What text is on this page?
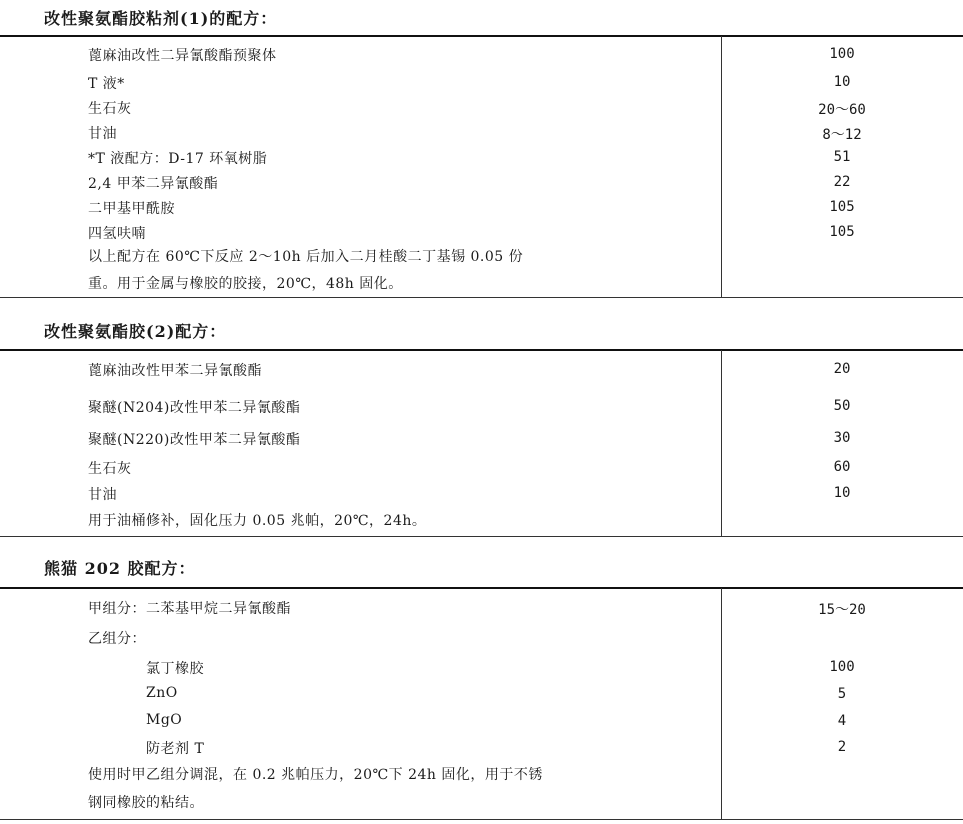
改性聚氨酯胶粘剂(1)的配方：
蓖麻油改性二异氰酸酯预聚体	100
T 液*	10
生石灰	20～60
甘油	8～12
*T 液配方：D-17 环氧树脂	51
2,4 甲苯二异氰酸酯	22
二甲基甲酰胺	105
四氢呋喃	105
以上配方在 60℃下反应 2～10h 后加入二月桂酸二丁基锡 0.05 份
重。用于金属与橡胶的胶接，20℃，48h 固化。
改性聚氨酯胶(2)配方：
蓖麻油改性甲苯二异氰酸酯	20
聚醚(N204)改性甲苯二异氰酸酯	50
聚醚(N220)改性甲苯二异氰酸酯	30
生石灰	60
甘油	10
用于油桶修补，固化压力 0.05 兆帕，20℃，24h。
熊猫 202 胶配方：
甲组分：二苯基甲烷二异氰酸酯	15～20
乙组分：
氯丁橡胶	100
ZnO	5
MgO	4
防老剂 T	2
使用时甲乙组分调混，在 0.2 兆帕压力，20℃下 24h 固化，用于不锈
钢同橡胶的粘结。
